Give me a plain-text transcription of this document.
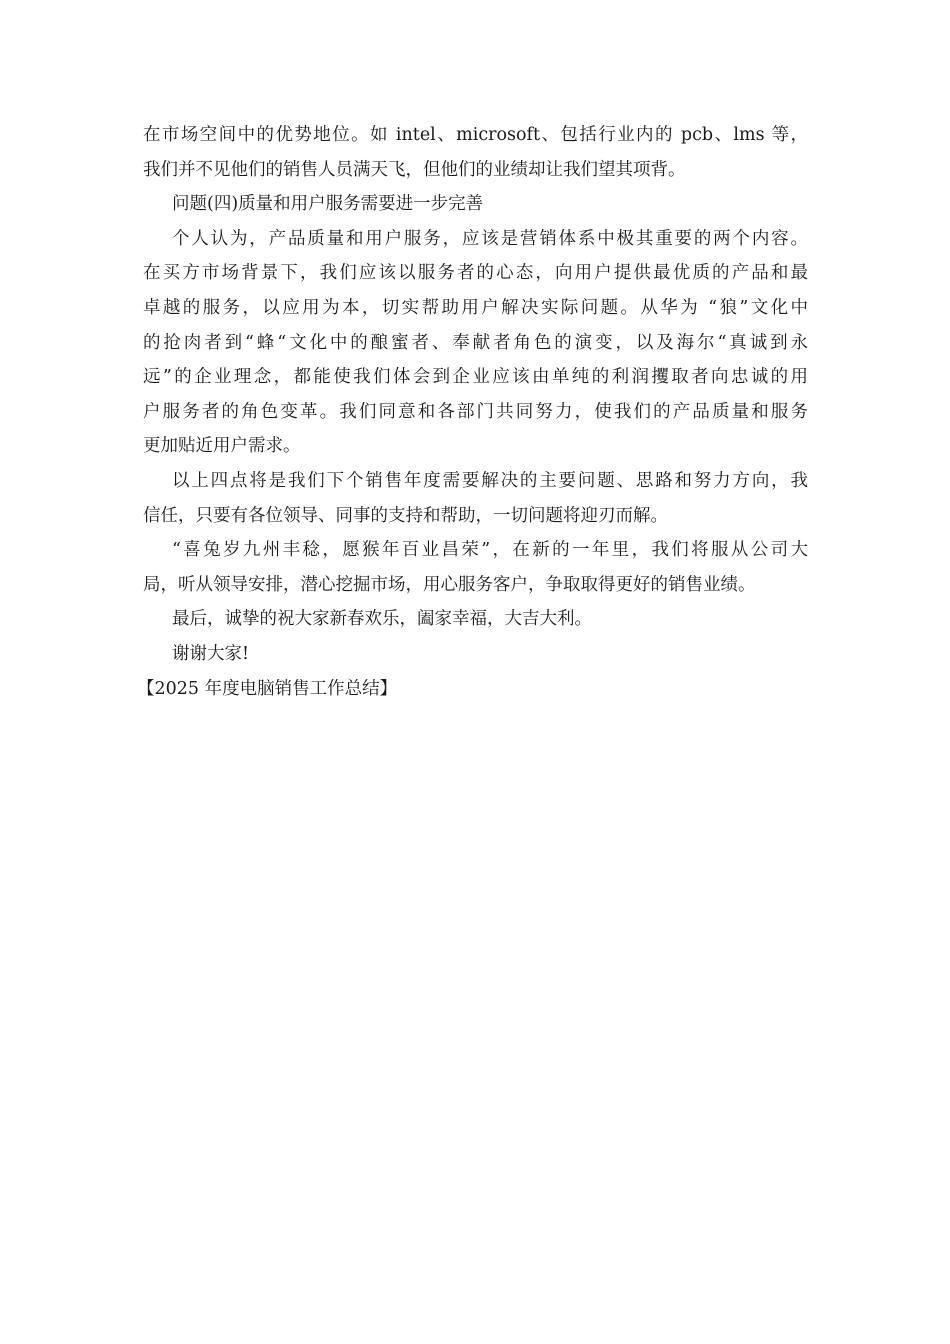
在市场空间中的优势地位。如 intel、microsoft、包括行业内的 pcb、lms 等，
我们并不见他们的销售人员满天飞，但他们的业绩却让我们望其项背。
问题(四)质量和用户服务需要进一步完善
个人认为，产品质量和用户服务，应该是营销体系中极其重要的两个内容。
在买方市场背景下，我们应该以服务者的心态，向用户提供最优质的产品和最
卓越的服务，以应用为本，切实帮助用户解决实际问题。从华为 “狼”文化中
的抢肉者到“蜂“文化中的酿蜜者、奉献者角色的演变，以及海尔“真诚到永
远”的企业理念，都能使我们体会到企业应该由单纯的利润攫取者向忠诚的用
户服务者的角色变革。我们同意和各部门共同努力，使我们的产品质量和服务
更加贴近用户需求。
以上四点将是我们下个销售年度需要解决的主要问题、思路和努力方向，我
信任，只要有各位领导、同事的支持和帮助，一切问题将迎刃而解。
“喜兔岁九州丰稔，愿猴年百业昌荣”，在新的一年里，我们将服从公司大
局，听从领导安排，潜心挖掘市场，用心服务客户，争取取得更好的销售业绩。
最后，诚挚的祝大家新春欢乐，阖家幸福，大吉大利。
谢谢大家!
【2025 年度电脑销售工作总结】
